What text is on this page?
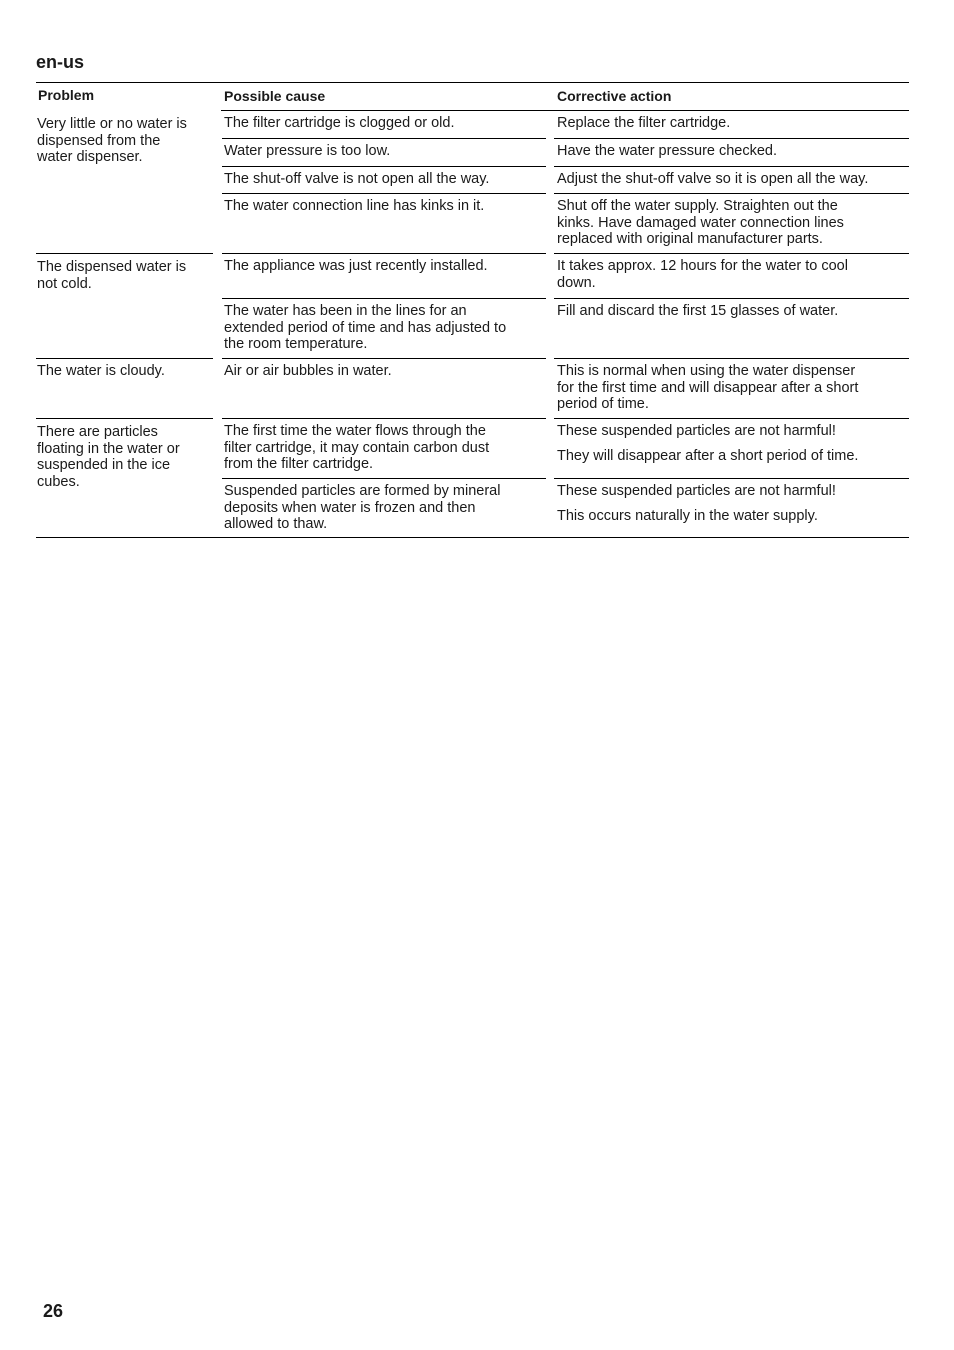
en-us
Problem	Possible cause	Corrective action
Very little or no water is
dispensed from the
water dispenser.
The dispensed water is
not cold.
The water is cloudy.
There are particles
floating in the water or
suspended in the ice
cubes.
The filter cartridge is clogged or old.
Water pressure is too low.
The shut-off valve is not open all the way.
The water connection line has kinks in it.
The appliance was just recently installed.
The water has been in the lines for an
extended period of time and has adjusted to
the room temperature.
Air or air bubbles in water.
The first time the water flows through the
filter cartridge, it may contain carbon dust
from the filter cartridge.
Suspended particles are formed by mineral
deposits when water is frozen and then
allowed to thaw.
Replace the filter cartridge.
Have the water pressure checked.
Adjust the shut-off valve so it is open all the way.
Shut off the water supply. Straighten out the
kinks. Have damaged water connection lines
replaced with original manufacturer parts.
It takes approx. 12 hours for the water to cool
down.
Fill and discard the first 15 glasses of water.
This is normal when using the water dispenser
for the first time and will disappear after a short
period of time.
These suspended particles are not harmful!
They will disappear after a short period of time.
These suspended particles are not harmful!
This occurs naturally in the water supply.
26
